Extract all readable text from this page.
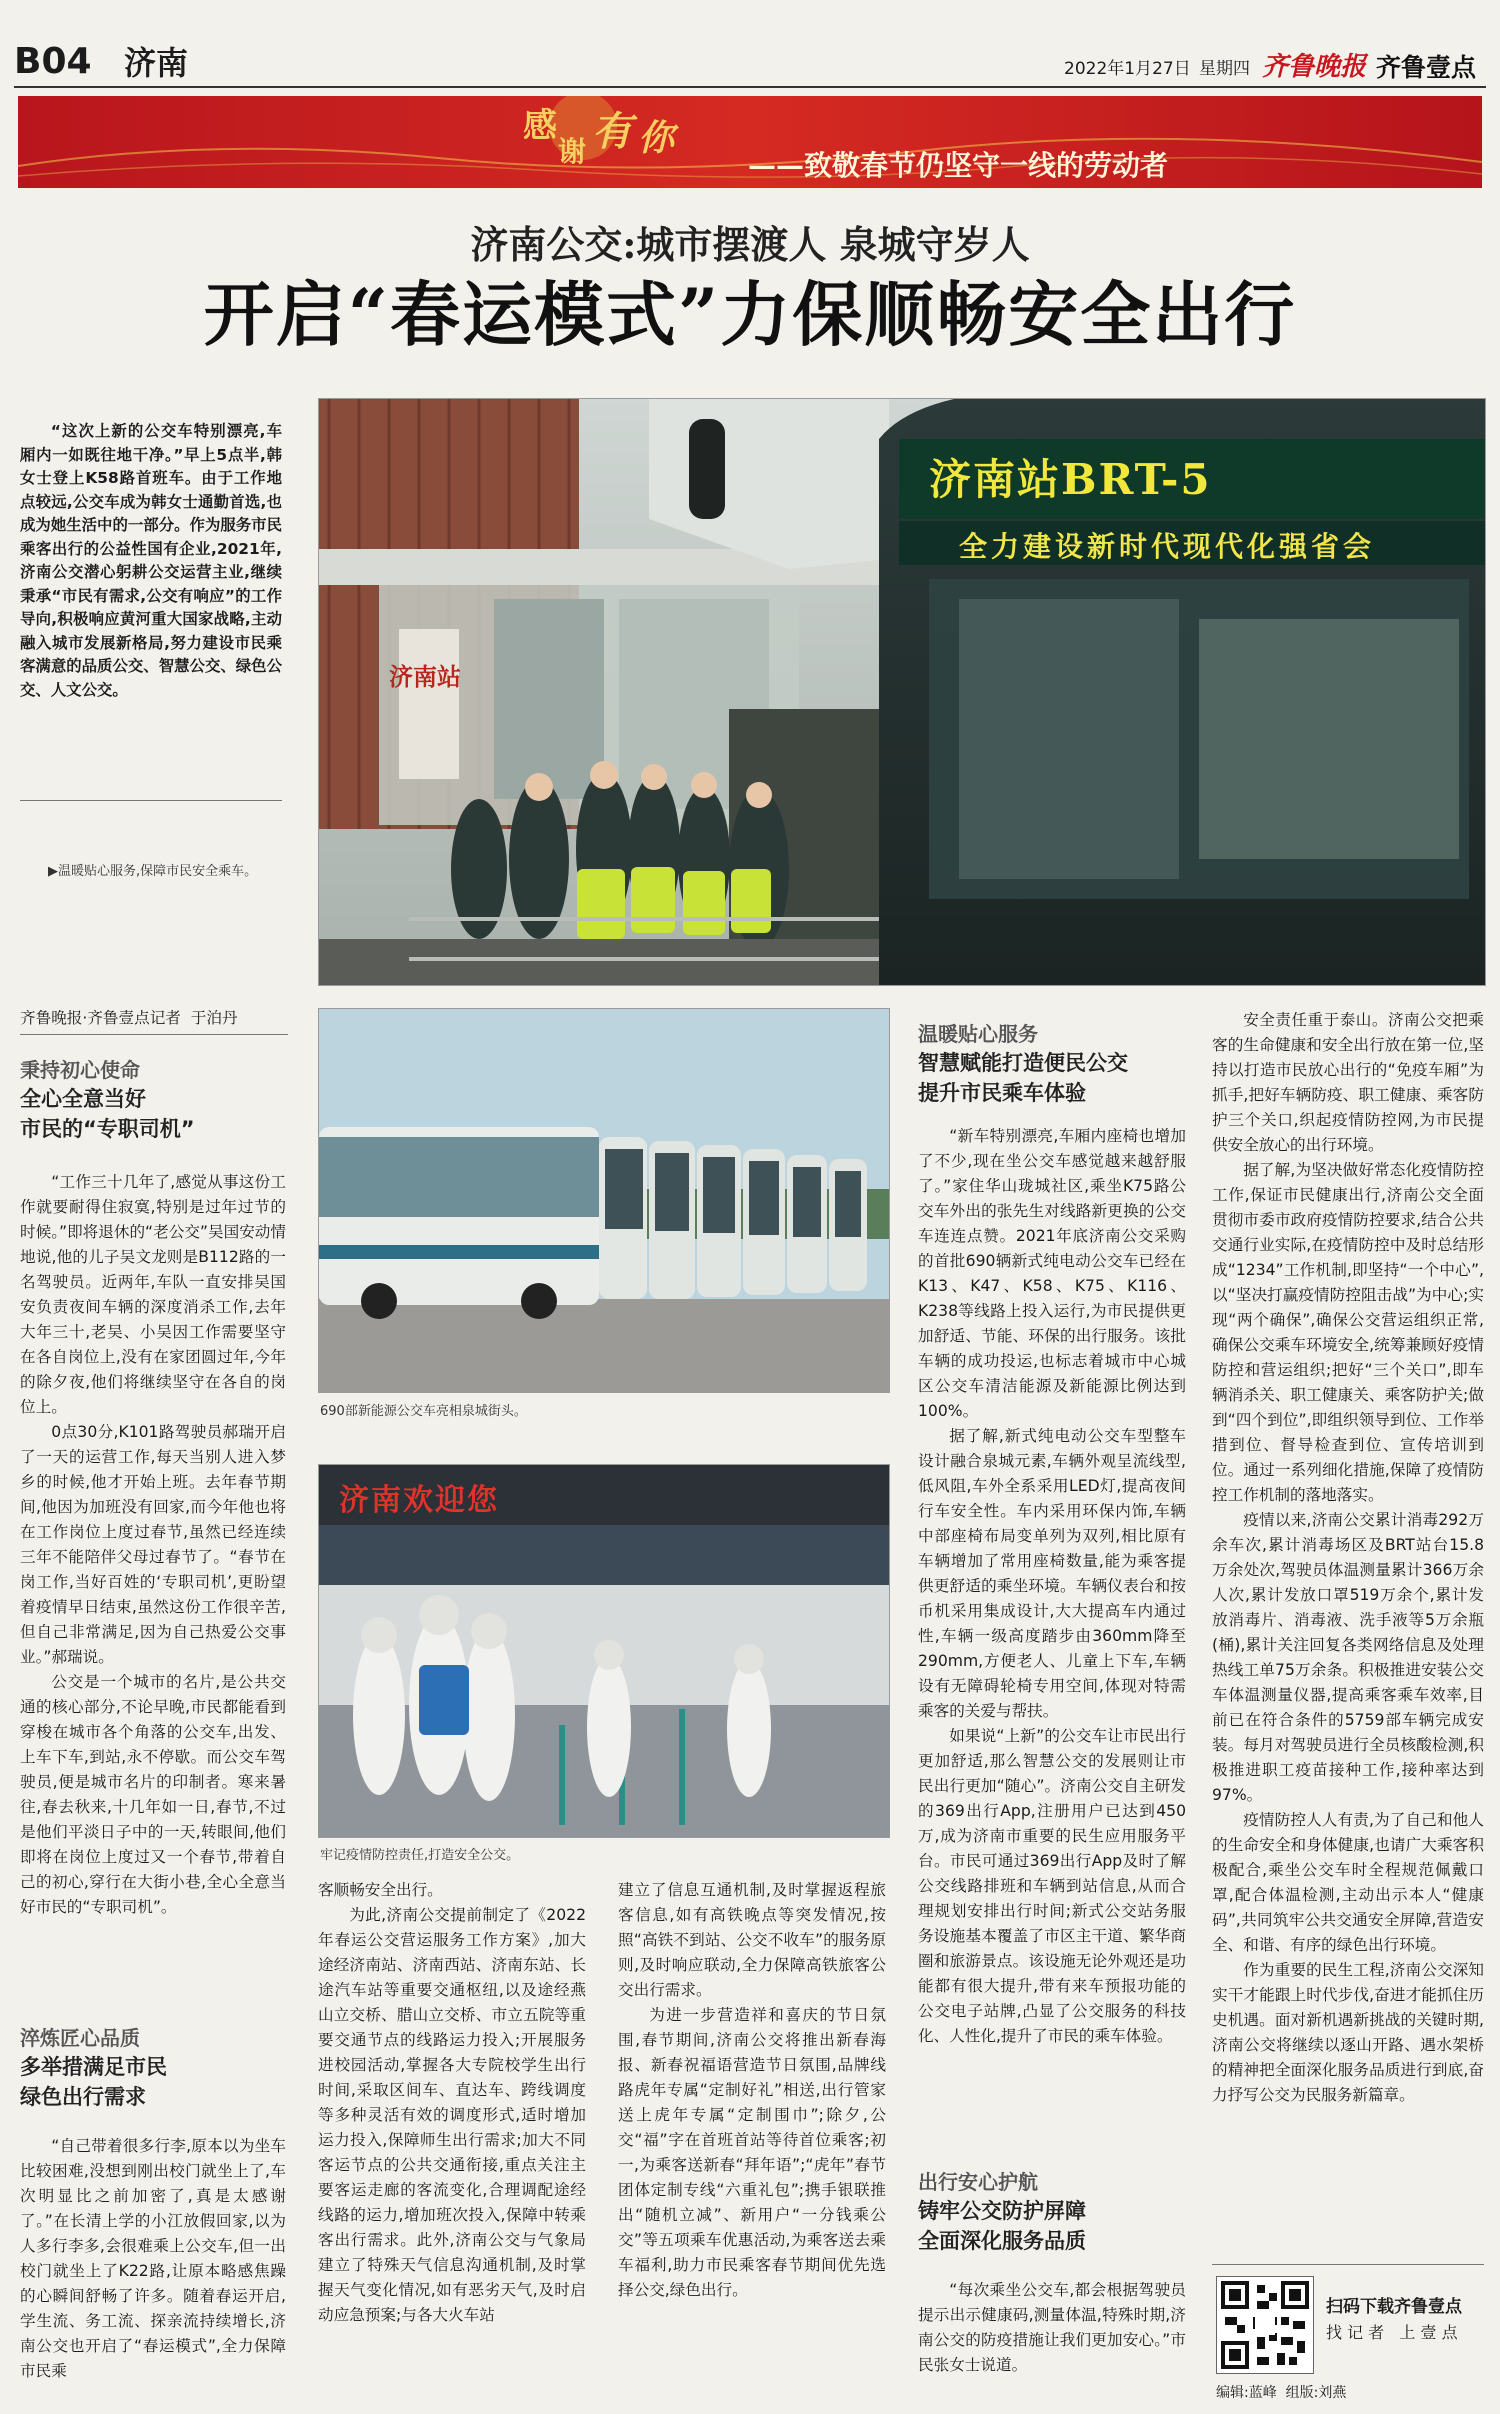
B04 济南	2022年1月27日 星期四 齐鲁晚报 齐鲁壹点
感
谢 有 你
——致敬春节仍坚守一线的劳动者
济南公交:城市摆渡人 泉城守岁人
开启“春运模式”力保顺畅安全出行

“这次上新的公交车特别漂亮,车厢内一如既往地干净。”早上5点半,韩女士登上K58路首班车。由于工作地点较远,公交车成为韩女士通勤首选,也成为她生活中的一部分。作为服务市民乘客出行的公益性国有企业,2021年,济南公交潜心躬耕公交运营主业,继续秉承“市民有需求,公交有响应”的工作导向,积极响应黄河重大国家战略,主动融入城市发展新格局,努力建设市民乘客满意的品质公交、智慧公交、绿色公交、人文公交。

▶温暖贴心服务,保障市民安全乘车。
济南站BRT-5
全力建设新时代现代化强省会
济南站
齐鲁晚报·齐鲁壹点记者  于泊丹
秉持初心使命
全心全意当好
市民的“专职司机”

“工作三十几年了,感觉从事这份工作就要耐得住寂寞,特别是过年过节的时候。”即将退休的“老公交”吴国安动情地说,他的儿子吴文龙则是B112路的一名驾驶员。近两年,车队一直安排吴国安负责夜间车辆的深度消杀工作,去年大年三十,老吴、小吴因工作需要坚守在各自岗位上,没有在家团圆过年,今年的除夕夜,他们将继续坚守在各自的岗位上。

0点30分,K101路驾驶员郝瑞开启了一天的运营工作,每天当别人进入梦乡的时候,他才开始上班。去年春节期间,他因为加班没有回家,而今年他也将在工作岗位上度过春节,虽然已经连续三年不能陪伴父母过春节了。“春节在岗工作,当好百姓的‘专职司机’,更盼望着疫情早日结束,虽然这份工作很辛苦,但自己非常满足,因为自己热爱公交事业。”郝瑞说。

公交是一个城市的名片,是公共交通的核心部分,不论早晚,市民都能看到穿梭在城市各个角落的公交车,出发、上车下车,到站,永不停歇。而公交车驾驶员,便是城市名片的印制者。寒来暑往,春去秋来,十几年如一日,春节,不过是他们平淡日子中的一天,转眼间,他们即将在岗位上度过又一个春节,带着自己的初心,穿行在大街小巷,全心全意当好市民的“专职司机”。

淬炼匠心品质
多举措满足市民
绿色出行需求

“自己带着很多行李,原本以为坐车比较困难,没想到刚出校门就坐上了,车次明显比之前加密了,真是太感谢了。”在长清上学的小江放假回家,以为人多行李多,会很难乘上公交车,但一出校门就坐上了K22路,让原本略感焦躁的心瞬间舒畅了许多。随着春运开启,学生流、务工流、探亲流持续增长,济南公交也开启了“春运模式”,全力保障市民乘

690部新能源公交车亮相泉城街头。
济南欢迎您
牢记疫情防控责任,打造安全公交。

客顺畅安全出行。

为此,济南公交提前制定了《2022年春运公交营运服务工作方案》,加大途经济南站、济南西站、济南东站、长途汽车站等重要交通枢纽,以及途经燕山立交桥、腊山立交桥、市立五院等重要交通节点的线路运力投入;开展服务进校园活动,掌握各大专院校学生出行时间,采取区间车、直达车、跨线调度等多种灵活有效的调度形式,适时增加运力投入,保障师生出行需求;加大不同客运节点的公共交通衔接,重点关注主要客运走廊的客流变化,合理调配途经线路的运力,增加班次投入,保障中转乘客出行需求。此外,济南公交与气象局建立了特殊天气信息沟通机制,及时掌握天气变化情况,如有恶劣天气,及时启动应急预案;与各大火车站

建立了信息互通机制,及时掌握返程旅客信息,如有高铁晚点等突发情况,按照“高铁不到站、公交不收车”的服务原则,及时响应联动,全力保障高铁旅客公交出行需求。

为进一步营造祥和喜庆的节日氛围,春节期间,济南公交将推出新春海报、新春祝福语营造节日氛围,品牌线路虎年专属“定制好礼”相送,出行管家送上虎年专属“定制围巾”;除夕,公交“福”字在首班首站等待首位乘客;初一,为乘客送新春“拜年语”;“虎年”春节团体定制专线“六重礼包”;携手银联推出“随机立减”、新用户“一分钱乘公交”等五项乘车优惠活动,为乘客送去乘车福利,助力市民乘客春节期间优先选择公交,绿色出行。

温暖贴心服务
智慧赋能打造便民公交
提升市民乘车体验

“新车特别漂亮,车厢内座椅也增加了不少,现在坐公交车感觉越来越舒服了。”家住华山珑城社区,乘坐K75路公交车外出的张先生对线路新更换的公交车连连点赞。2021年底济南公交采购的首批690辆新式纯电动公交车已经在K13、K47、K58、K75、K116、K238等线路上投入运行,为市民提供更加舒适、节能、环保的出行服务。该批车辆的成功投运,也标志着城市中心城区公交车清洁能源及新能源比例达到100%。

据了解,新式纯电动公交车型整车设计融合泉城元素,车辆外观呈流线型,低风阻,车外全系采用LED灯,提高夜间行车安全性。车内采用环保内饰,车辆中部座椅布局变单列为双列,相比原有车辆增加了常用座椅数量,能为乘客提供更舒适的乘坐环境。车辆仪表台和按币机采用集成设计,大大提高车内通过性,车辆一级高度踏步由360mm降至290mm,方便老人、儿童上下车,车辆设有无障碍轮椅专用空间,体现对特需乘客的关爱与帮扶。

如果说“上新”的公交车让市民出行更加舒适,那么智慧公交的发展则让市民出行更加“随心”。济南公交自主研发的369出行App,注册用户已达到450万,成为济南市重要的民生应用服务平台。市民可通过369出行App及时了解公交线路排班和车辆到站信息,从而合理规划安排出行时间;新式公交站务服务设施基本覆盖了市区主干道、繁华商圈和旅游景点。该设施无论外观还是功能都有很大提升,带有来车预报功能的公交电子站牌,凸显了公交服务的科技化、人性化,提升了市民的乘车体验。

出行安心护航
铸牢公交防护屏障
全面深化服务品质

“每次乘坐公交车,都会根据驾驶员提示出示健康码,测量体温,特殊时期,济南公交的防疫措施让我们更加安心。”市民张女士说道。

安全责任重于泰山。济南公交把乘客的生命健康和安全出行放在第一位,坚持以打造市民放心出行的“免疫车厢”为抓手,把好车辆防疫、职工健康、乘客防护三个关口,织起疫情防控网,为市民提供安全放心的出行环境。

据了解,为坚决做好常态化疫情防控工作,保证市民健康出行,济南公交全面贯彻市委市政府疫情防控要求,结合公共交通行业实际,在疫情防控中及时总结形成“1234”工作机制,即坚持“一个中心”,以“坚决打赢疫情防控阻击战”为中心;实现“两个确保”,确保公交营运组织正常,确保公交乘车环境安全,统筹兼顾好疫情防控和营运组织;把好“三个关口”,即车辆消杀关、职工健康关、乘客防护关;做到“四个到位”,即组织领导到位、工作举措到位、督导检查到位、宣传培训到位。通过一系列细化措施,保障了疫情防控工作机制的落地落实。

疫情以来,济南公交累计消毒292万余车次,累计消毒场区及BRT站台15.8万余处次,驾驶员体温测量累计366万余人次,累计发放口罩519万余个,累计发放消毒片、消毒液、洗手液等5万余瓶(桶),累计关注回复各类网络信息及处理热线工单75万余条。积极推进安装公交车体温测量仪器,提高乘客乘车效率,目前已在符合条件的5759部车辆完成安装。每月对驾驶员进行全员核酸检测,积极推进职工疫苗接种工作,接种率达到97%。

疫情防控人人有责,为了自己和他人的生命安全和身体健康,也请广大乘客积极配合,乘坐公交车时全程规范佩戴口罩,配合体温检测,主动出示本人“健康码”,共同筑牢公共交通安全屏障,营造安全、和谐、有序的绿色出行环境。

作为重要的民生工程,济南公交深知实干才能跟上时代步伐,奋进才能抓住历史机遇。面对新机遇新挑战的关键时期,济南公交将继续以逐山开路、遇水架桥的精神把全面深化服务品质进行到底,奋力抒写公交为民服务新篇章。

扫码下载齐鲁壹点
找 记 者   上 壹 点
编辑:蓝峰  组版:刘燕
